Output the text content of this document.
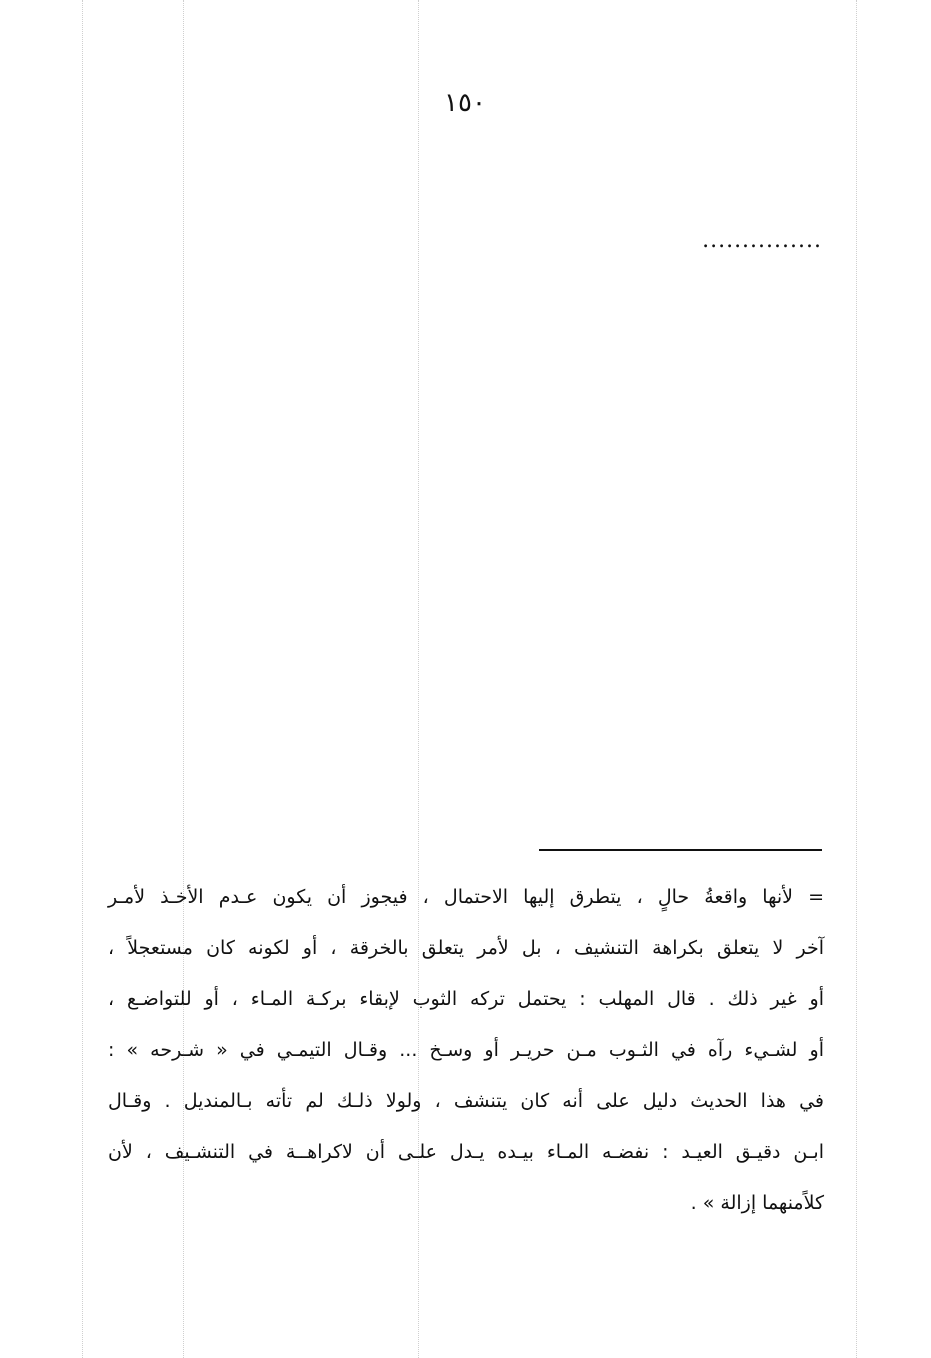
١٥٠
...............
= لأنها واقعةُ حالٍ ، يتطرق إليها الاحتمال ، فيجوز أن يكون عـدم الأخـذ لأمـر
آخر لا يتعلق بكراهة التنشيف ، بل لأمر يتعلق بالخرقة ، أو لكونه كان مستعجلاً ،
أو غير ذلك . قال المهلب : يحتمل تركه الثوب لإبقاء بركـة المـاء ، أو للتواضـع ،
أو لشـيء رآه في الثـوب مـن حريـر أو وسـخ ... وقـال التيمـي في « شـرحه » :
في هذا الحديث دليل على أنه كان يتنشف ، ولولا ذلـك لم تأته بـالمنديل . وقـال
ابـن دقيـق العيـد : نفضـه المـاء بيـده يـدل علـى أن لاكراهــة في التنشـيف ، لأن
كلاًمنهما إزالة » .
